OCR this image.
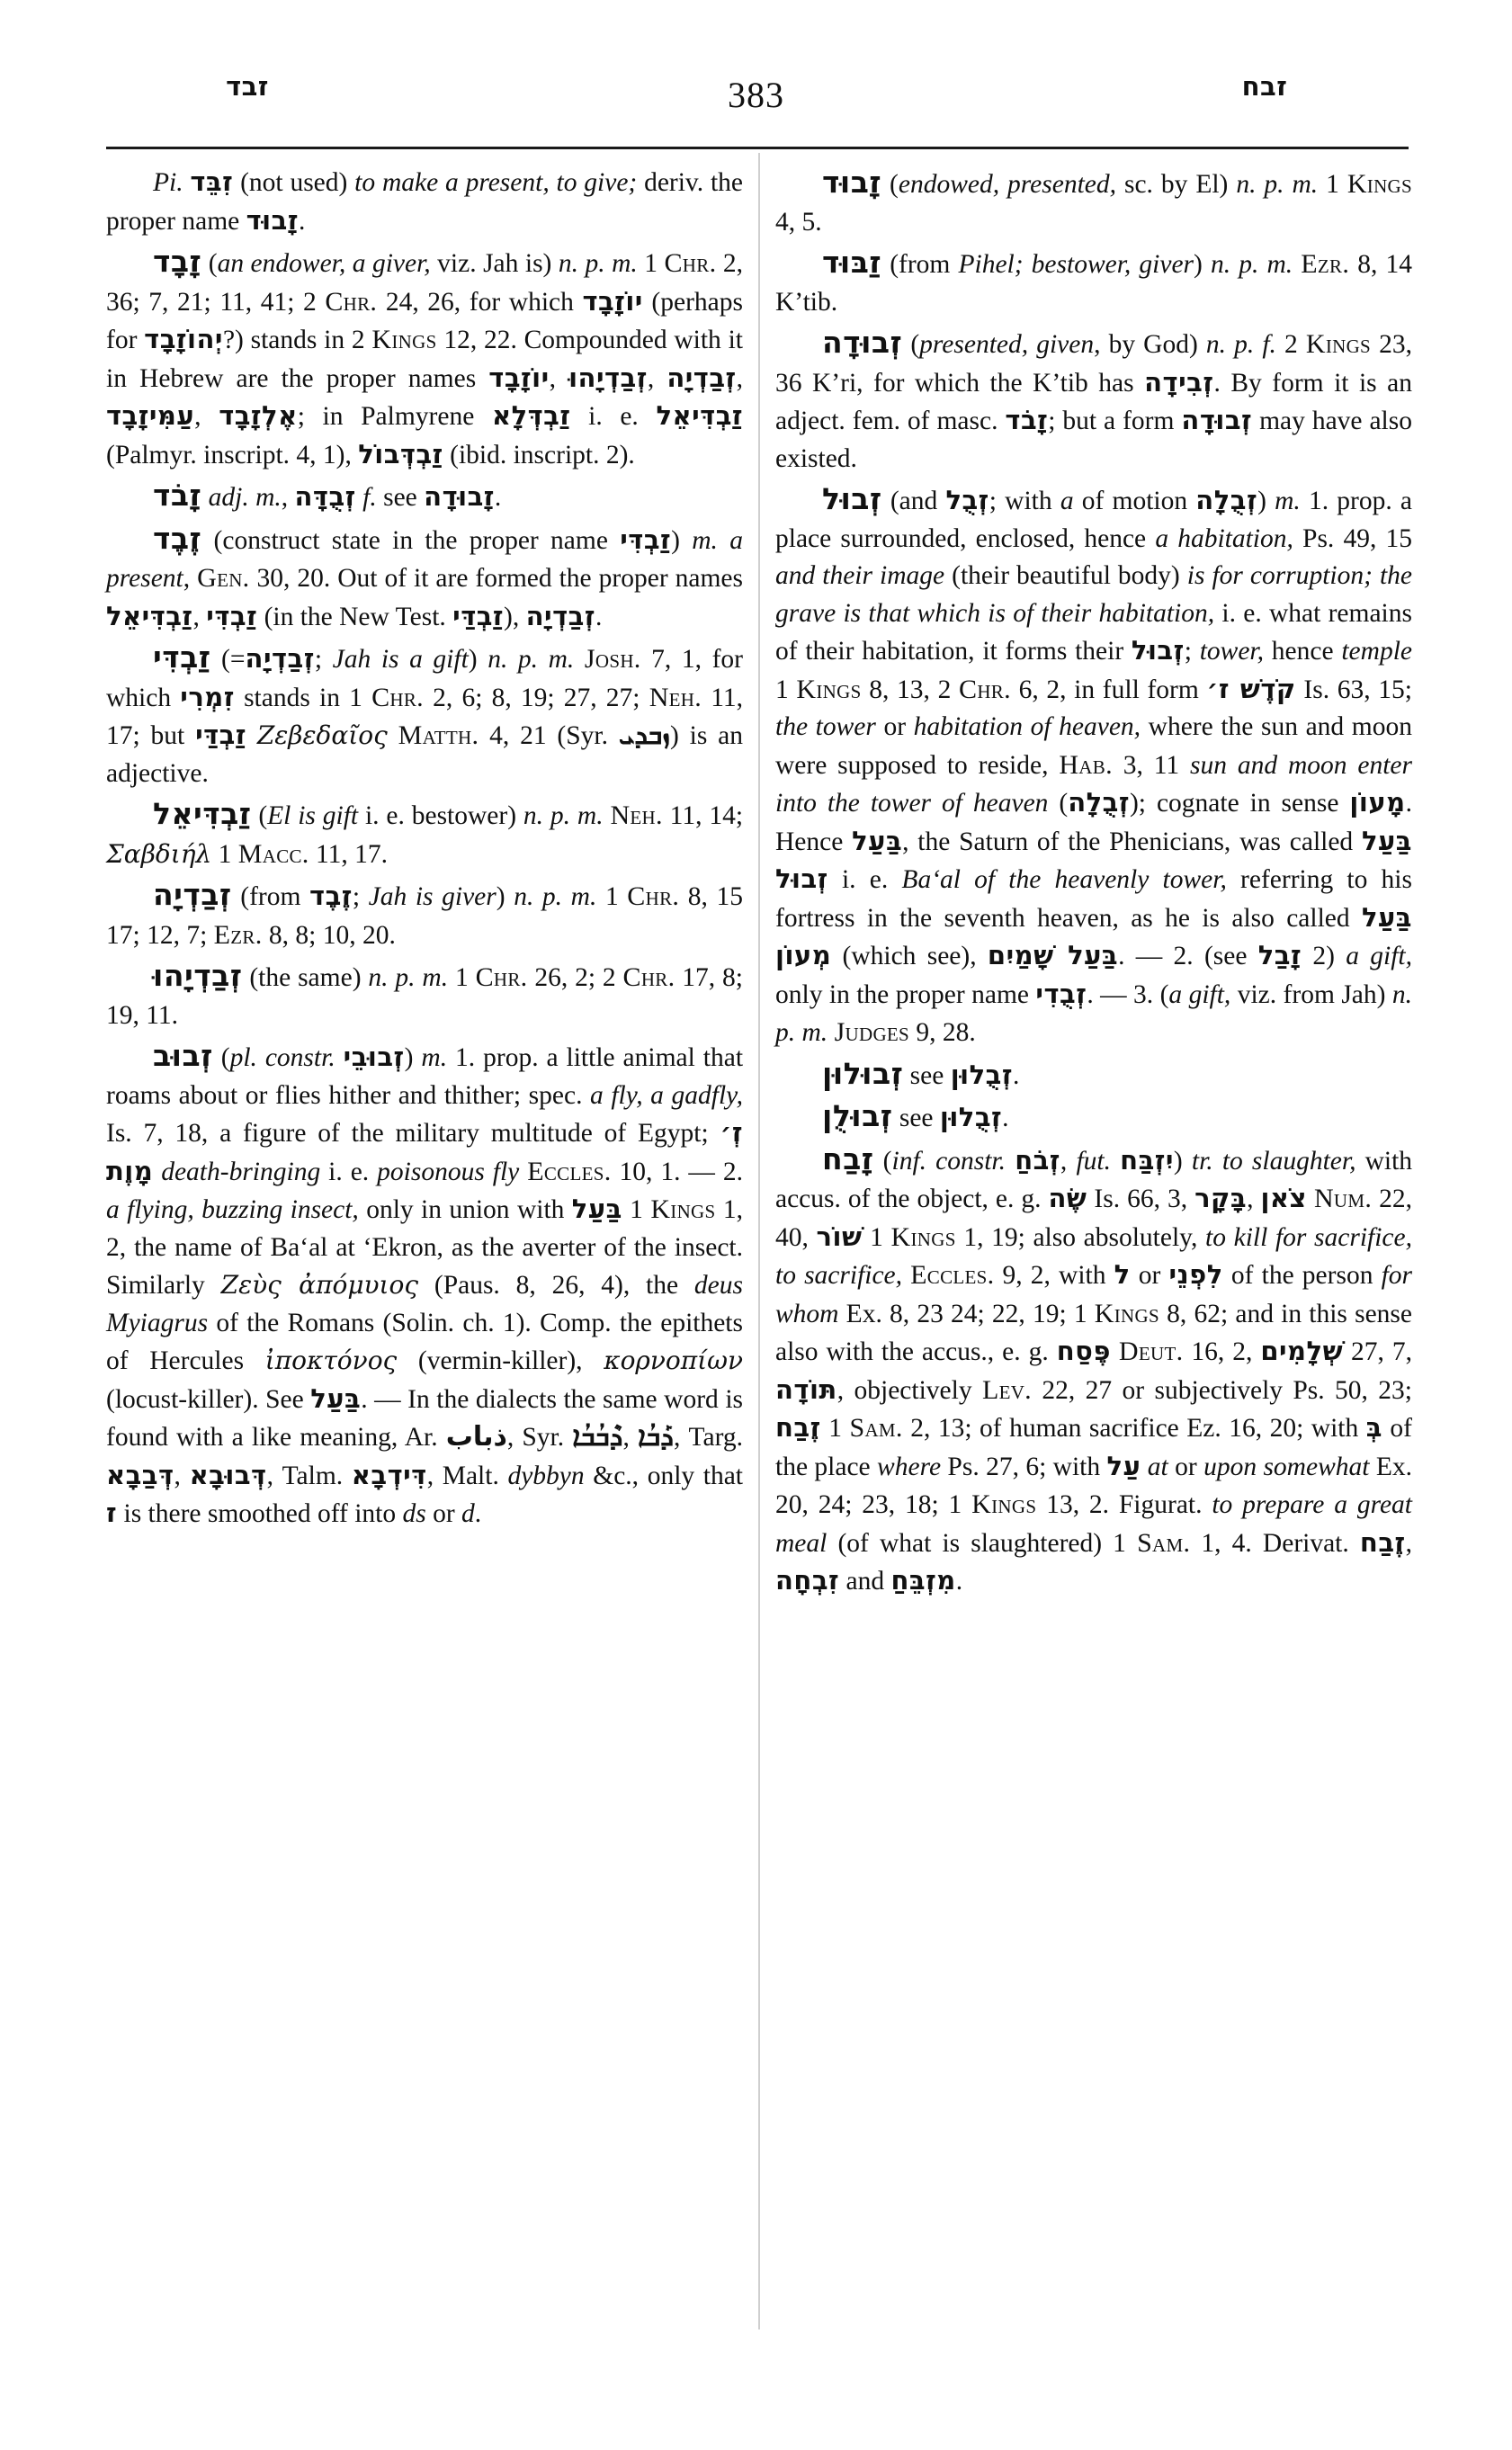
זבד	383	זבח

Pi. זִבֵּד (not used) to make a present, to give; deriv. the proper name זָבוּד.

זָבָד (an endower, a giver, viz. Jah is) n. p. m. 1 Chr. 2, 36; 7, 21; 11, 41; 2 Chr. 24, 26, for which יוֹזָבָד (perhaps for יְהוֹזָבָד?) stands in 2 Kings 12, 22. Compounded with it in Hebrew are the proper names יוֹזָבָד, זְבַדְיָהוּ, זְבַדְיָה, עַמִּיזָבָד, אֶלְזָבָד; in Palmyrene זַבְדְּלָא i. e. זַבְדִּיאֵל (Palmyr. inscript. 4, 1), זַבְדְּבוֹל (ibid. inscript. 2).

זָבֹד adj. m., זְבֻדָּה f. see זָבוּדָה.

זֶבֶד (construct state in the proper name זַבְדִּי) m. a present, Gen. 30, 20. Out of it are formed the proper names זַבְדִּיאֵל, זַבְדִּי (in the New Test. זַבְדַּי), זְבַדְיָה.

זַבְדִּי (=זְבַדְיָה; Jah is a gift) n. p. m. Josh. 7, 1, for which זִמְרִי stands in 1 Chr. 2, 6; 8, 19; 27, 27; Neh. 11, 17; but זַבְדַּי Ζεβεδαῖος Matth. 4, 21 (Syr. ܙܒܕܝ) is an adjective.

זַבְדִּיאֵל (El is gift i. e. bestower) n. p. m. Neh. 11, 14; Σαβδιήλ 1 Macc. 11, 17.

זְבַדְיָה (from זֶבֶד; Jah is giver) n. p. m. 1 Chr. 8, 15 17; 12, 7; Ezr. 8, 8; 10, 20.

זְבַדְיָהוּ (the same) n. p. m. 1 Chr. 26, 2; 2 Chr. 17, 8; 19, 11.

זְבוּב (pl. constr. זְבוּבֵי) m. 1. prop. a little animal that roams about or flies hither and thither; spec. a fly, a gadfly, Is. 7, 18, a figure of the military multitude of Egypt; זְ׳ מָוֶת death-bringing i. e. poisonous fly Eccles. 10, 1. — 2. a flying, buzzing insect, only in union with בַּעַל 1 Kings 1, 2, the name of Baʻal at ʻEkron, as the averter of the insect. Similarly Ζεὺς ἀπόμυιος (Paus. 8, 26, 4), the deus Myiagrus of the Romans (Solin. ch. 1). Comp. the epithets of Hercules ἰποκτόνος (vermin-killer), κορνοπίων (locust-killer). See בַּעַל. — In the dialects the same word is found with a like meaning, Ar. ذباب, Syr. ܕܶܒܳܒܳܐ, ܕܰܒܳܐ, Targ. דְּבַבָא, דְּבוּבָא, Talm. דִּידְבָא, Malt. dybbyn &c., only that ז is there smoothed off into ds or d.

זָבוּד (endowed, presented, sc. by El) n. p. m. 1 Kings 4, 5.

זַבּוּד (from Pihel; bestower, giver) n. p. m. Ezr. 8, 14 K’tib.

זְבוּדָה (presented, given, by God) n. p. f. 2 Kings 23, 36 K’ri, for which the K’tib has זְבִידָה. By form it is an adject. fem. of masc. זָבֹד; but a form זְבוּדָה may have also existed.

זְבוּל (and זְבֻל; with a of motion זְבֻלָה) m. 1. prop. a place surrounded, enclosed, hence a habitation, Ps. 49, 15 and their image (their beautiful body) is for corruption; the grave is that which is of their habitation, i. e. what remains of their habitation, it forms their זְבוּל; tower, hence temple 1 Kings 8, 13, 2 Chr. 6, 2, in full form קֹדֶשׁ ז׳ Is. 63, 15; the tower or habitation of heaven, where the sun and moon were supposed to reside, Hab. 3, 11 sun and moon enter into the tower of heaven (זְבֻלָה); cognate in sense מָעוֹן. Hence בַּעַל, the Saturn of the Phenicians, was called בַּעַל זְבוּל i. e. Baʻal of the heavenly tower, referring to his fortress in the seventh heaven, as he is also called בַּעַל מְעוֹן (which see), בַּעַל שָׁמַיִם. — 2. (see זָבַל 2) a gift, only in the proper name זְבֻדִי. — 3. (a gift, viz. from Jah) n. p. m. Judges 9, 28.

זְבוּלוּן see זְבֻלוּן.

זְבוּלֻן see זְבֻלוּן.

זָבַח (inf. constr. זְבֹחַ, fut. יִזְבַּח) tr. to slaughter, with accus. of the object, e. g. שֶׂה Is. 66, 3, בָּקָר, צֹאן Num. 22, 40, שׁוֹר 1 Kings 1, 19; also absolutely, to kill for sacrifice, to sacrifice, Eccles. 9, 2, with ל or לִפְנֵי of the person for whom Ex. 8, 23 24; 22, 19; 1 Kings 8, 62; and in this sense also with the accus., e. g. פֶּסַח Deut. 16, 2, שְׁלָמִים 27, 7, תּוֹדָה, objectively Lev. 22, 27 or subjectively Ps. 50, 23; זֶבַח 1 Sam. 2, 13; of human sacrifice Ez. 16, 20; with בְּ of the place where Ps. 27, 6; with עַל at or upon somewhat Ex. 20, 24; 23, 18; 1 Kings 13, 2. Figurat. to prepare a great meal (of what is slaughtered) 1 Sam. 1, 4. Derivat. זֶבַח, זִבְחָה and מִזְבֵּחַ.
